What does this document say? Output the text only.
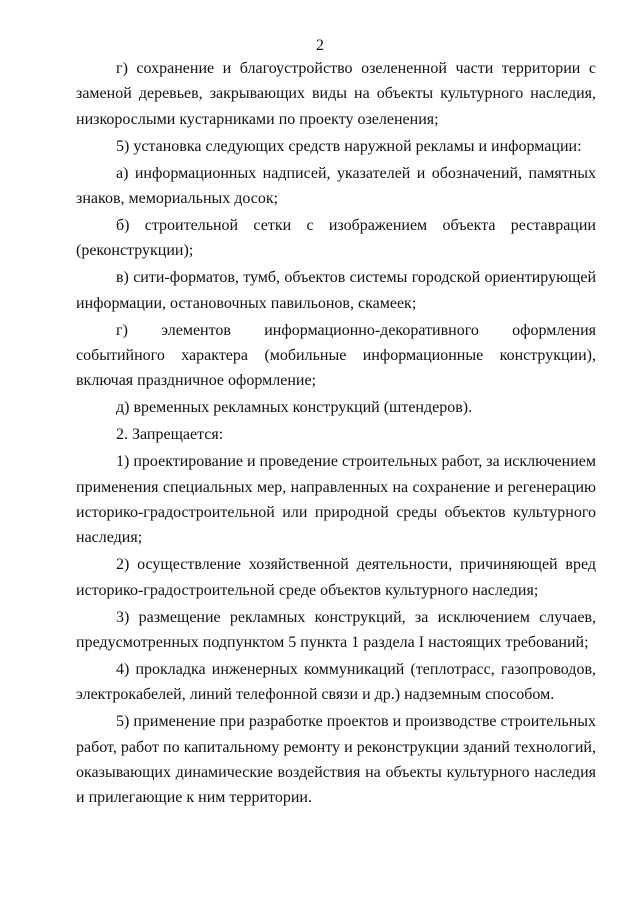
2

г) сохранение и благоустройство озелененной части территории с заменой деревьев, закрывающих виды на объекты культурного наследия, низкорослыми кустарниками по проекту озеленения;

5) установка следующих средств наружной рекламы и информации:

а) информационных надписей, указателей и обозначений, памятных знаков, мемориальных досок;

б) строительной сетки с изображением объекта реставрации (реконструкции);

в) сити-форматов, тумб, объектов системы городской ориентирующей информации, остановочных павильонов, скамеек;

г) элементов информационно-декоративного оформления событийного характера (мобильные информационные конструкции), включая праздничное оформление;

д) временных рекламных конструкций (штендеров).

2. Запрещается:

1) проектирование и проведение строительных работ, за исключением применения специальных мер, направленных на сохранение и регенерацию историко-градостроительной или природной среды объектов культурного наследия;

2) осуществление хозяйственной деятельности, причиняющей вред историко-градостроительной среде объектов культурного наследия;

3) размещение рекламных конструкций, за исключением случаев, предусмотренных подпунктом 5 пункта 1 раздела I настоящих требований;

4) прокладка инженерных коммуникаций (теплотрасс, газопроводов, электрокабелей, линий телефонной связи и др.) надземным способом.

5) применение при разработке проектов и производстве строительных работ, работ по капитальному ремонту и реконструкции зданий технологий, оказывающих динамические воздействия на объекты культурного наследия и прилегающие к ним территории.
